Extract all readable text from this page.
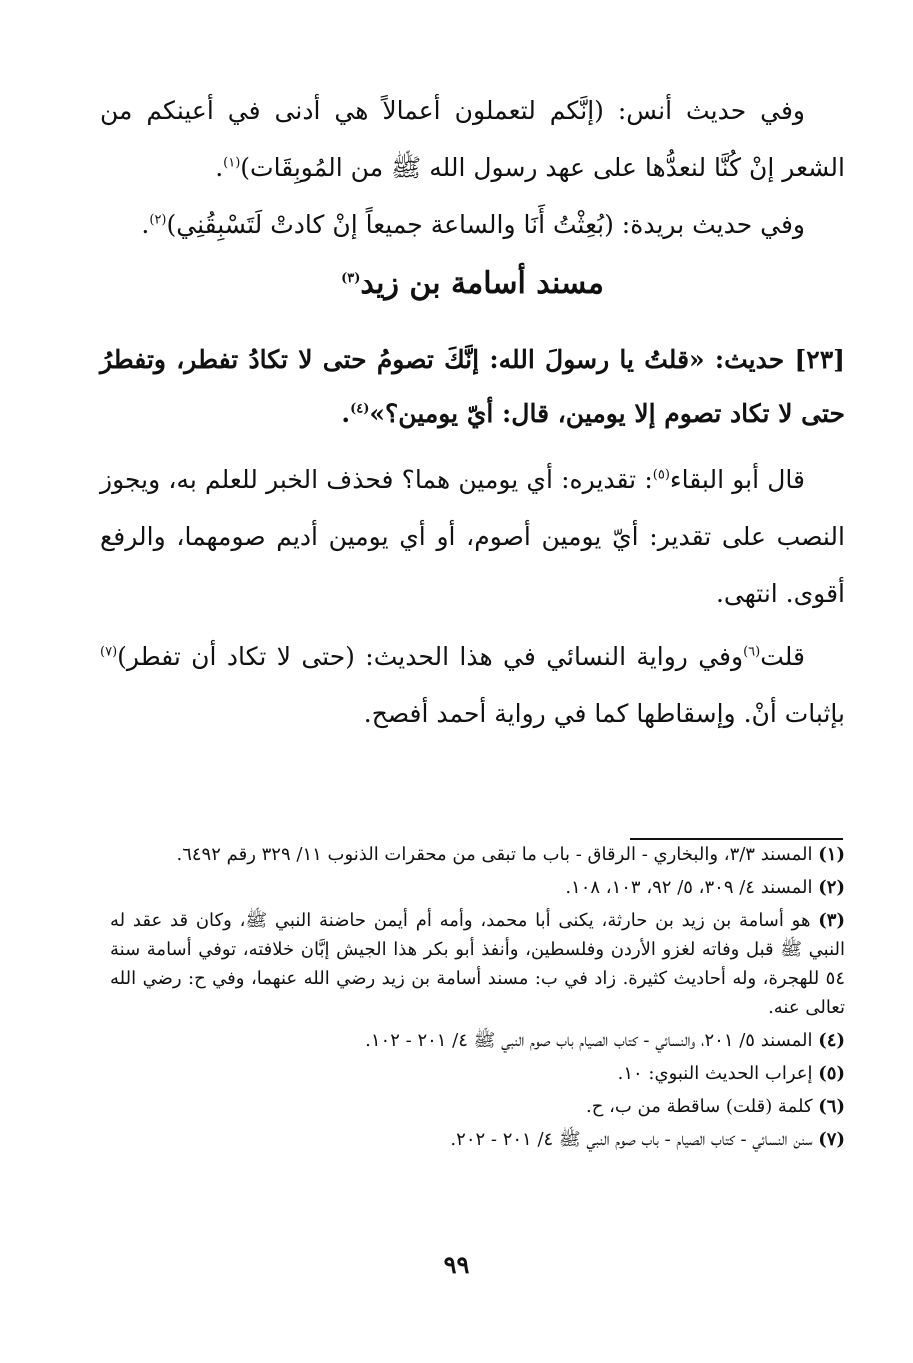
وفي حديث أنس: (إنَّكم لتعملون أعمالاً هي أدنى في أعينكم من الشعر إنْ كُنَّا لنعدُّها على عهد رسول الله ﷺ من المُوبِقَات)$^{(١)}$.

وفي حديث بريدة: (بُعِثْتُ أَنَا والساعة جميعاً إنْ كادتْ لَتَسْبِقُنِي)$^{(٢)}$.

مسند أسامة بن زيد$^{(٣)}$

[٢٣] حديث: «قلتُ يا رسولَ الله: إنَّكَ تصومُ حتى لا تكادُ تفطر، وتفطرُ حتى لا تكاد تصوم إلا يومين، قال: أيّ يومين؟»$^{(٤)}$.

قال أبو البقاء$^{(٥)}$: تقديره: أي يومين هما؟ فحذف الخبر للعلم به، ويجوز النصب على تقدير: أيّ يومين أصوم، أو أي يومين أديم صومهما، والرفع أقوى. انتهى.

قلت$^{(٦)}$وفي رواية النسائي في هذا الحديث: (حتى لا تكاد أن تفطر)$^{(٧)}$ بإثبات أنْ. وإسقاطها كما في رواية أحمد أفصح.

(١) المسند ٣/٣، والبخاري - الرقاق - باب ما تبقى من محقرات الذنوب ١١/ ٣٢٩ رقم ٦٤٩٢.

(٢) المسند ٤/ ٣٠٩، ٥/ ٩٢، ١٠٣، ١٠٨.

(٣) هو أسامة بن زيد بن حارثة، يكنى أبا محمد، وأمه أم أيمن حاضنة النبي ﷺ، وكان قد عقد له النبي ﷺ قبل وفاته لغزو الأردن وفلسطين، وأنفذ أبو بكر هذا الجيش إبَّان خلافته، توفي أسامة سنة ٥٤ للهجرة، وله أحاديث كثيرة. زاد في ب: مسند أسامة بن زيد رضي الله عنهما، وفي ح: رضي الله تعالى عنه.

(٤) المسند ٥/ ٢٠١، والنسائي - كتاب الصيام باب صوم النبي ﷺ ٤/ ٢٠١ - ١٠٢.

(٥) إعراب الحديث النبوي: ١٠.

(٦) كلمة (قلت) ساقطة من ب، ح.

(٧) سنن النسائي - كتاب الصيام - باب صوم النبي ﷺ ٤/ ٢٠١ - ٢٠٢.

٩٩
